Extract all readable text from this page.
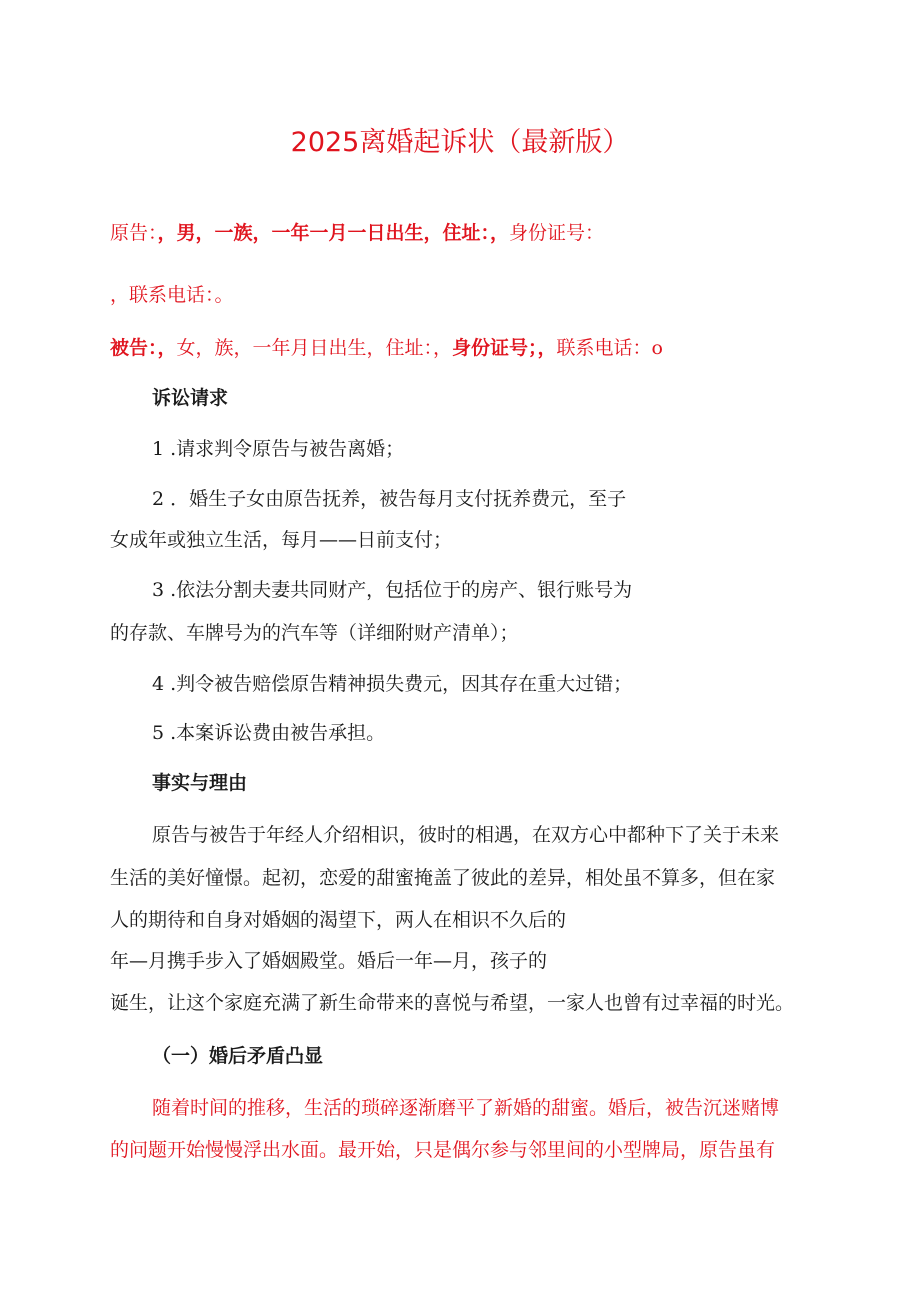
2025离婚起诉状（最新版）
原告：，男，一族，一年一月一日出生，住址：，身份证号：
，联系电话：。
被告：，女，族，一年月日出生，住址：，身份证号；，联系电话：o
诉讼请求
1 .请求判令原告与被告离婚；
2 ．婚生子女由原告抚养，被告每月支付抚养费元，至子
女成年或独立生活，每月——日前支付；
3 .依法分割夫妻共同财产，包括位于的房产、银行账号为
的存款、车牌号为的汽车等（详细附财产清单）；
4 .判令被告赔偿原告精神损失费元，因其存在重大过错；
5 .本案诉讼费由被告承担。
事实与理由
原告与被告于年经人介绍相识，彼时的相遇，在双方心中都种下了关于未来
生活的美好憧憬。起初，恋爱的甜蜜掩盖了彼此的差异，相处虽不算多，但在家
人的期待和自身对婚姻的渴望下，两人在相识不久后的
年—月携手步入了婚姻殿堂。婚后一年—月，孩子的
诞生，让这个家庭充满了新生命带来的喜悦与希望，一家人也曾有过幸福的时光。
（一）婚后矛盾凸显
随着时间的推移，生活的琐碎逐渐磨平了新婚的甜蜜。婚后，被告沉迷赌博
的问题开始慢慢浮出水面。最开始，只是偶尔参与邻里间的小型牌局，原告虽有
